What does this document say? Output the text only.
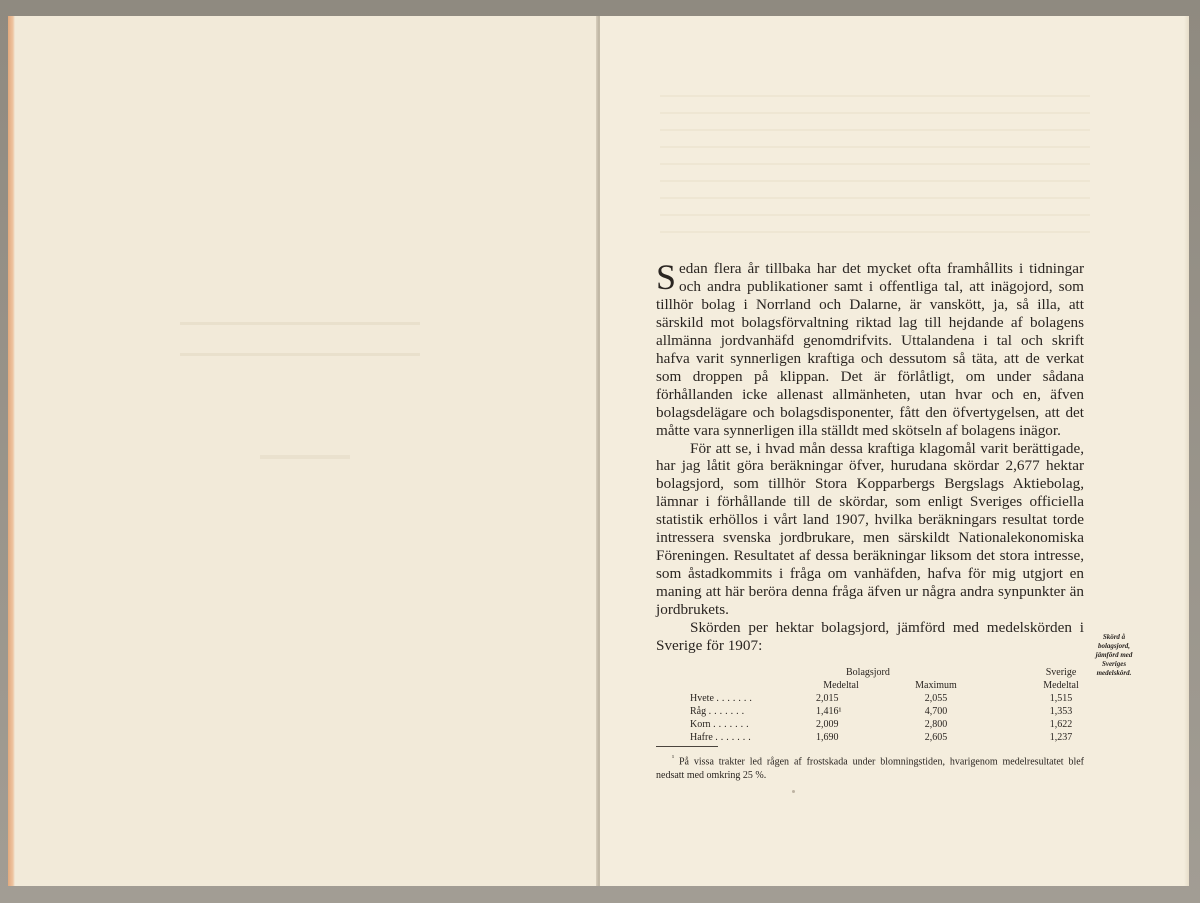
Sedan flera år tillbaka har det mycket ofta framhållits i tidningar och andra publikationer samt i offentliga tal, att inägojord, som tillhör bolag i Norrland och Dalarne, är vanskött, ja, så illa, att särskild mot bolagsförvaltning riktad lag till hejdande af bolagens allmänna jordvanhäfd genomdrifvits. Uttalandena i tal och skrift hafva varit synnerligen kraftiga och dessutom så täta, att de verkat som droppen på klippan. Det är förlåtligt, om under sådana förhållanden icke allenast allmänheten, utan hvar och en, äfven bolagsdelägare och bolagsdisponenter, fått den öfvertygelsen, att det måtte vara synnerligen illa ställdt med skötseln af bolagens inägor.

För att se, i hvad mån dessa kraftiga klagomål varit berättigade, har jag låtit göra beräkningar öfver, hurudana skördar 2,677 hektar bolagsjord, som tillhör Stora Kopparbergs Bergslags Aktiebolag, lämnar i förhållande till de skördar, som enligt Sveriges officiella statistik erhöllos i vårt land 1907, hvilka beräkningars resultat torde intressera svenska jordbrukare, men särskildt Nationalekonomiska Föreningen. Resultatet af dessa beräkningar liksom det stora intresse, som åstadkommits i fråga om vanhäfden, hafva för mig utgjort en maning att här beröra denna fråga äfven ur några andra synpunkter än jordbrukets.

Skörden per hektar bolagsjord, jämförd med medelskörden i Sverige för 1907:

Skörd å bolagsjord, jämförd med Sveriges medelskörd.
	Bolagsjord		Sverige
	Medeltal	Maximum	Medeltal
Hvete .......	2,015	2,055	1,515
Råg .......	1,416¹	4,700	1,353
Korn .......	2,009	2,800	1,622
Hafre .......	1,690	2,605	1,237
$^{^1}$ På vissa trakter led rågen af frostskada under blomningstiden, hvarigenom medelresultatet blef nedsatt med omkring 25 %.
